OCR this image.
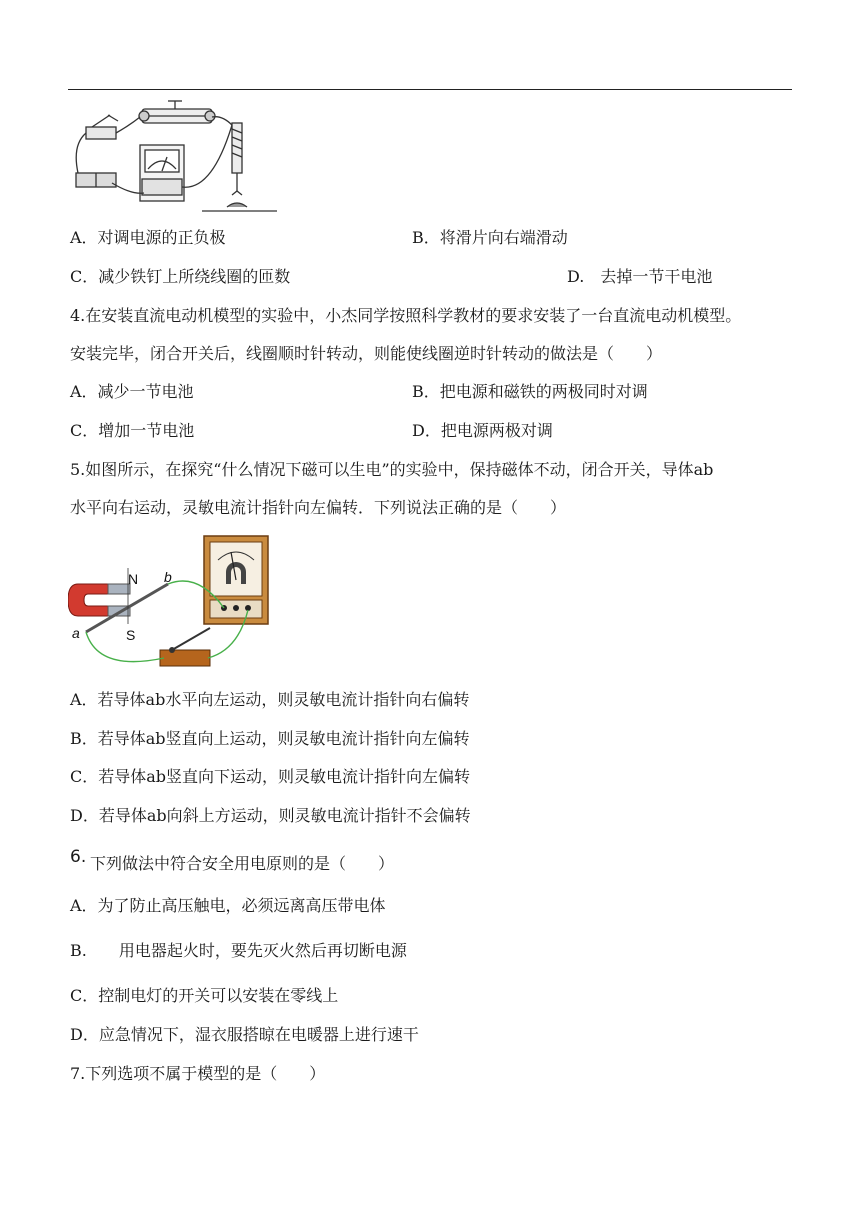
A．对调电源的正负极	B．将滑片向右端滑动
C．减少铁钉上所绕线圈的匝数	D.　去掉一节干电池
4.在安装直流电动机模型的实验中，小杰同学按照科学教材的要求安装了一台直流电动机模型。
安装完毕，闭合开关后，线圈顺时针转动，则能使线圈逆时针转动的做法是（　　）
A．减少一节电池	B．把电源和磁铁的两极同时对调
C．增加一节电池	D．把电源两极对调
5.如图所示，在探究“什么情况下磁可以生电”的实验中，保持磁体不动，闭合开关，导体ab
水平向右运动，灵敏电流计指针向左偏转．下列说法正确的是（　　）
N
S
a
b
A．若导体ab水平向左运动，则灵敏电流计指针向右偏转
B．若导体ab竖直向上运动，则灵敏电流计指针向左偏转
C．若导体ab竖直向下运动，则灵敏电流计指针向左偏转
D．若导体ab向斜上方运动，则灵敏电流计指针不会偏转
6. 下列做法中符合安全用电原则的是（　　）
A．为了防止高压触电，必须远离高压带电体
B.　　用电器起火时，要先灭火然后再切断电源
C．控制电灯的开关可以安装在零线上
D．应急情况下，湿衣服搭晾在电暖器上进行速干
7.下列选项不属于模型的是（　　）
